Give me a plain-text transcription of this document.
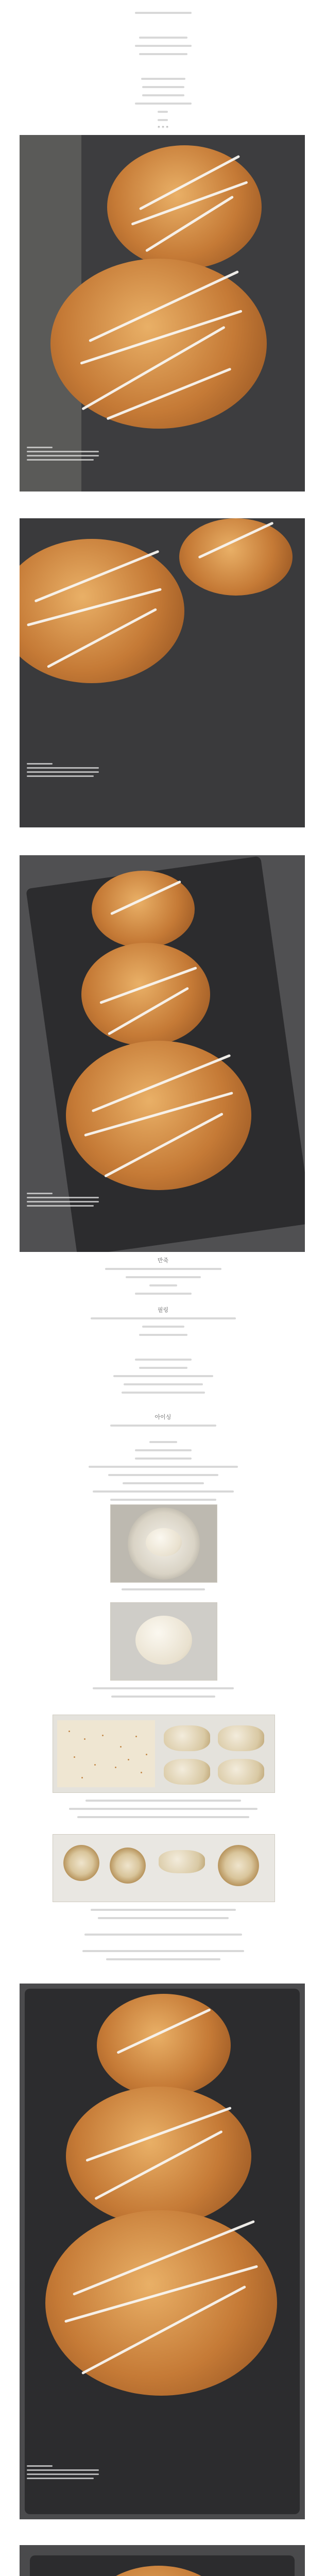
* * *
반죽
필링
아이싱
